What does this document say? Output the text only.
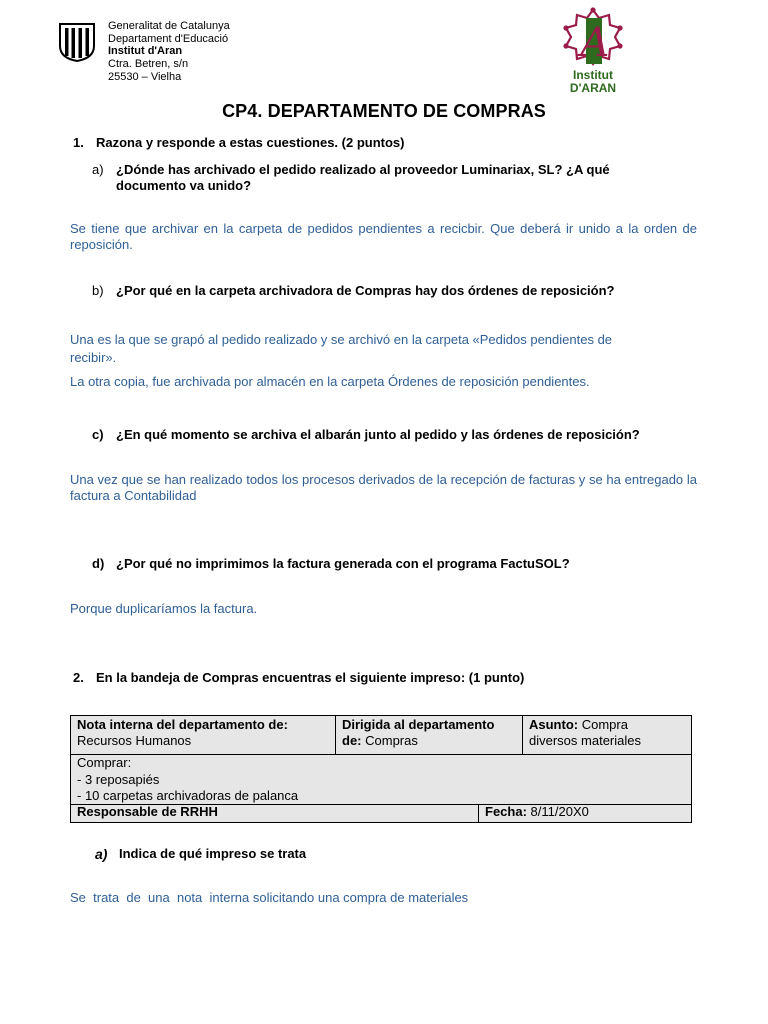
Generalitat de Catalunya
Departament d'Educació
Institut d'Aran
Ctra. Betren, s/n
25530 – Vielha
A
Institut
D'ARAN
CP4. DEPARTAMENTO DE COMPRAS
1. Razona y responde a estas cuestiones. (2 puntos)
a) ¿Dónde has archivado el pedido realizado al proveedor Luminariax, SL? ¿A qué
documento va unido?
Se tiene que archivar en la carpeta de pedidos pendientes a recicbir. Que deberá ir unido a la orden de reposición.
b) ¿Por qué en la carpeta archivadora de Compras hay dos órdenes de reposición?
Una es la que se grapó al pedido realizado y se archivó en la carpeta «Pedidos pendientes de
recibir».
La otra copia, fue archivada por almacén en la carpeta Órdenes de reposición pendientes.
c) ¿En qué momento se archiva el albarán junto al pedido y las órdenes de reposición?
Una vez que se han realizado todos los procesos derivados de la recepción de facturas y se ha entregado la factura a Contabilidad
d) ¿Por qué no imprimimos la factura generada con el programa FactuSOL?
Porque duplicaríamos la factura.
2. En la bandeja de Compras encuentras el siguiente impreso: (1 punto)
Nota interna del departamento de:
Recursos Humanos
Dirigida al departamento
de: Compras
Asunto: Compra
diversos materiales
Comprar:
- 3 reposapiés
- 10 carpetas archivadoras de palanca
Responsable de RRHH	Fecha: 8/11/20X0
a) Indica de qué impreso se trata
Se  trata  de  una  nota  interna solicitando una compra de materiales
